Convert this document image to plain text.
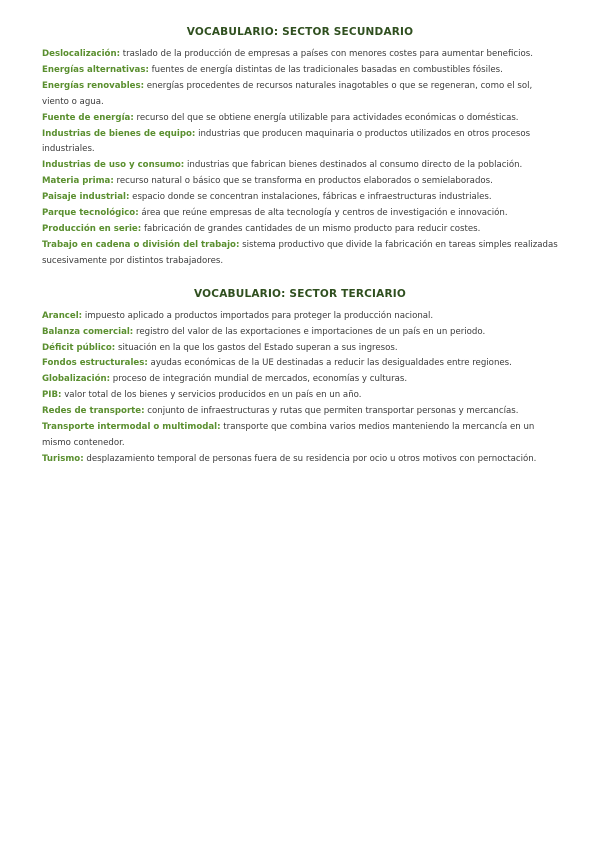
VOCABULARIO: SECTOR SECUNDARIO

Deslocalización: traslado de la producción de empresas a países con menores costes para aumentar beneficios.

Energías alternativas: fuentes de energía distintas de las tradicionales basadas en combustibles fósiles.

Energías renovables: energías procedentes de recursos naturales inagotables o que se regeneran, como el sol, viento o agua.

Fuente de energía: recurso del que se obtiene energía utilizable para actividades económicas o domésticas.

Industrias de bienes de equipo: industrias que producen maquinaria o productos utilizados en otros procesos industriales.

Industrias de uso y consumo: industrias que fabrican bienes destinados al consumo directo de la población.

Materia prima: recurso natural o básico que se transforma en productos elaborados o semielaborados.

Paisaje industrial: espacio donde se concentran instalaciones, fábricas e infraestructuras industriales.

Parque tecnológico: área que reúne empresas de alta tecnología y centros de investigación e innovación.

Producción en serie: fabricación de grandes cantidades de un mismo producto para reducir costes.

Trabajo en cadena o división del trabajo: sistema productivo que divide la fabricación en tareas simples realizadas sucesivamente por distintos trabajadores.

VOCABULARIO: SECTOR TERCIARIO

Arancel: impuesto aplicado a productos importados para proteger la producción nacional.

Balanza comercial: registro del valor de las exportaciones e importaciones de un país en un periodo.

Déficit público: situación en la que los gastos del Estado superan a sus ingresos.

Fondos estructurales: ayudas económicas de la UE destinadas a reducir las desigualdades entre regiones.

Globalización: proceso de integración mundial de mercados, economías y culturas.

PIB: valor total de los bienes y servicios producidos en un país en un año.

Redes de transporte: conjunto de infraestructuras y rutas que permiten transportar personas y mercancías.

Transporte intermodal o multimodal: transporte que combina varios medios manteniendo la mercancía en un mismo contenedor.

Turismo: desplazamiento temporal de personas fuera de su residencia por ocio u otros motivos con pernoctación.
